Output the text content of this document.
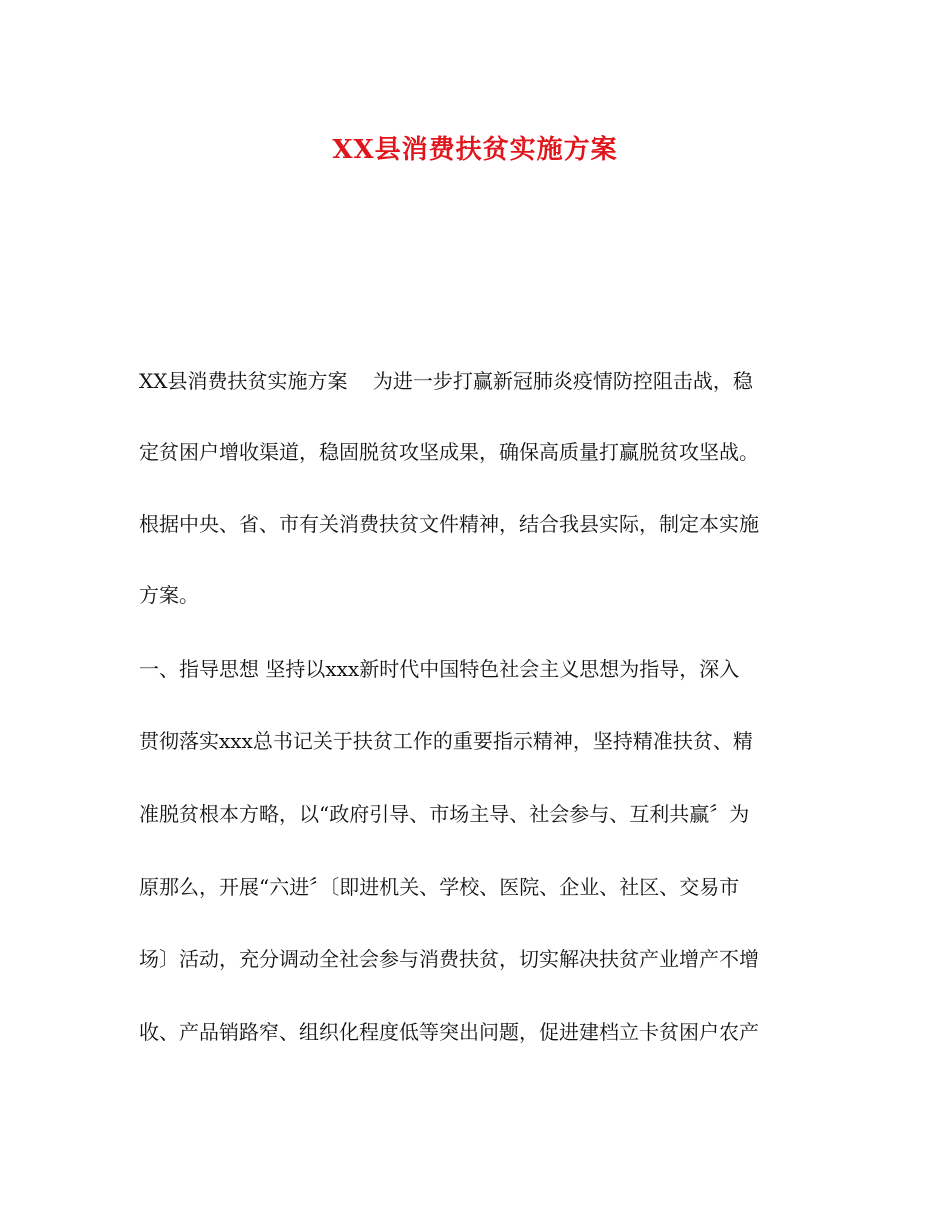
XX县消费扶贫实施方案
XX县消费扶贫实施方案    为进一步打赢新冠肺炎疫情防控阻击战，稳
定贫困户增收渠道，稳固脱贫攻坚成果，确保高质量打赢脱贫攻坚战。
根据中央、省、市有关消费扶贫文件精神，结合我县实际，制定本实施
方案。
一、指导思想 坚持以xxx新时代中国特色社会主义思想为指导，深入
贯彻落实xxx总书记关于扶贫工作的重要指示精神，坚持精准扶贫、精
准脱贫根本方略，以“政府引导、市场主导、社会参与、互利共赢〞为
原那么，开展“六进〞〔即进机关、学校、医院、企业、社区、交易市
场〕活动，充分调动全社会参与消费扶贫，切实解决扶贫产业增产不增
收、产品销路窄、组织化程度低等突出问题，促进建档立卡贫困户农产
